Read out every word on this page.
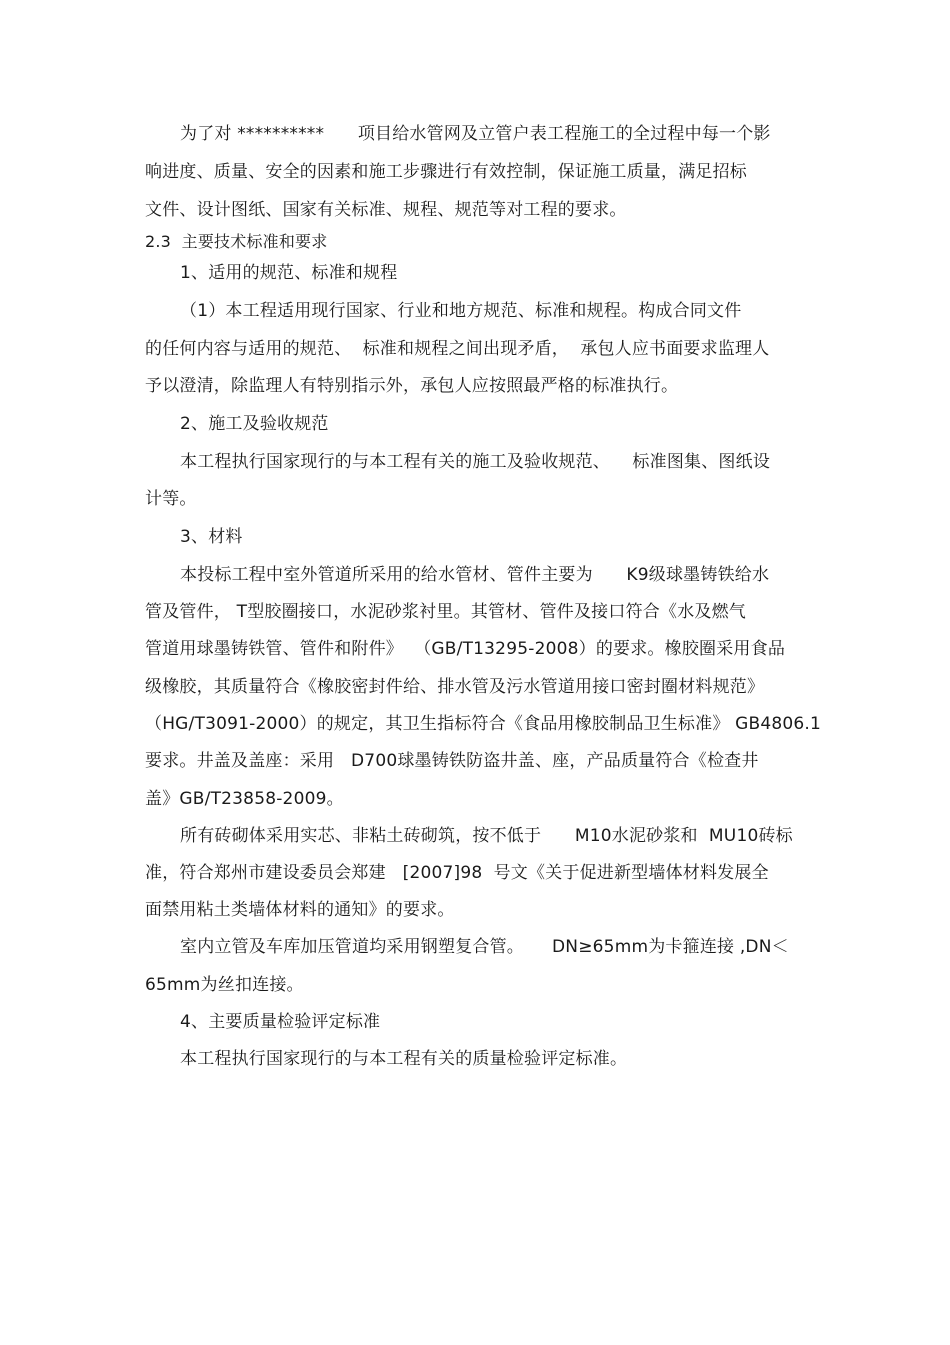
为了对 **********      项目给水管网及立管户表工程施工的全过程中每一个影
响进度、质量、安全的因素和施工步骤进行有效控制，保证施工质量，满足招标
文件、设计图纸、国家有关标准、规程、规范等对工程的要求。
2.3  主要技术标准和要求
1、适用的规范、标准和规程
（1）本工程适用现行国家、行业和地方规范、标准和规程。构成合同文件
的任何内容与适用的规范、  标准和规程之间出现矛盾，  承包人应书面要求监理人
予以澄清，除监理人有特别指示外，承包人应按照最严格的标准执行。
2、施工及验收规范
本工程执行国家现行的与本工程有关的施工及验收规范、    标准图集、图纸设
计等。
3、材料
本投标工程中室外管道所采用的给水管材、管件主要为      K9级球墨铸铁给水
管及管件， T型胶圈接口，水泥砂浆衬里。其管材、管件及接口符合《水及燃气
管道用球墨铸铁管、管件和附件》  （GB/T13295-2008）的要求。橡胶圈采用食品
级橡胶，其质量符合《橡胶密封件给、排水管及污水管道用接口密封圈材料规范》
（HG/T3091-2000）的规定，其卫生指标符合《食品用橡胶制品卫生标准》 GB4806.1
要求。井盖及盖座：采用   D700球墨铸铁防盗井盖、座，产品质量符合《检查井
盖》GB/T23858-2009。
所有砖砌体采用实芯、非粘土砖砌筑，按不低于      M10水泥砂浆和  MU10砖标
准，符合郑州市建设委员会郑建   [2007]98  号文《关于促进新型墙体材料发展全
面禁用粘土类墙体材料的通知》的要求。
室内立管及车库加压管道均采用钢塑复合管。     DN≥65mm为卡箍连接 ,DN＜
65mm为丝扣连接。
4、主要质量检验评定标准
本工程执行国家现行的与本工程有关的质量检验评定标准。
